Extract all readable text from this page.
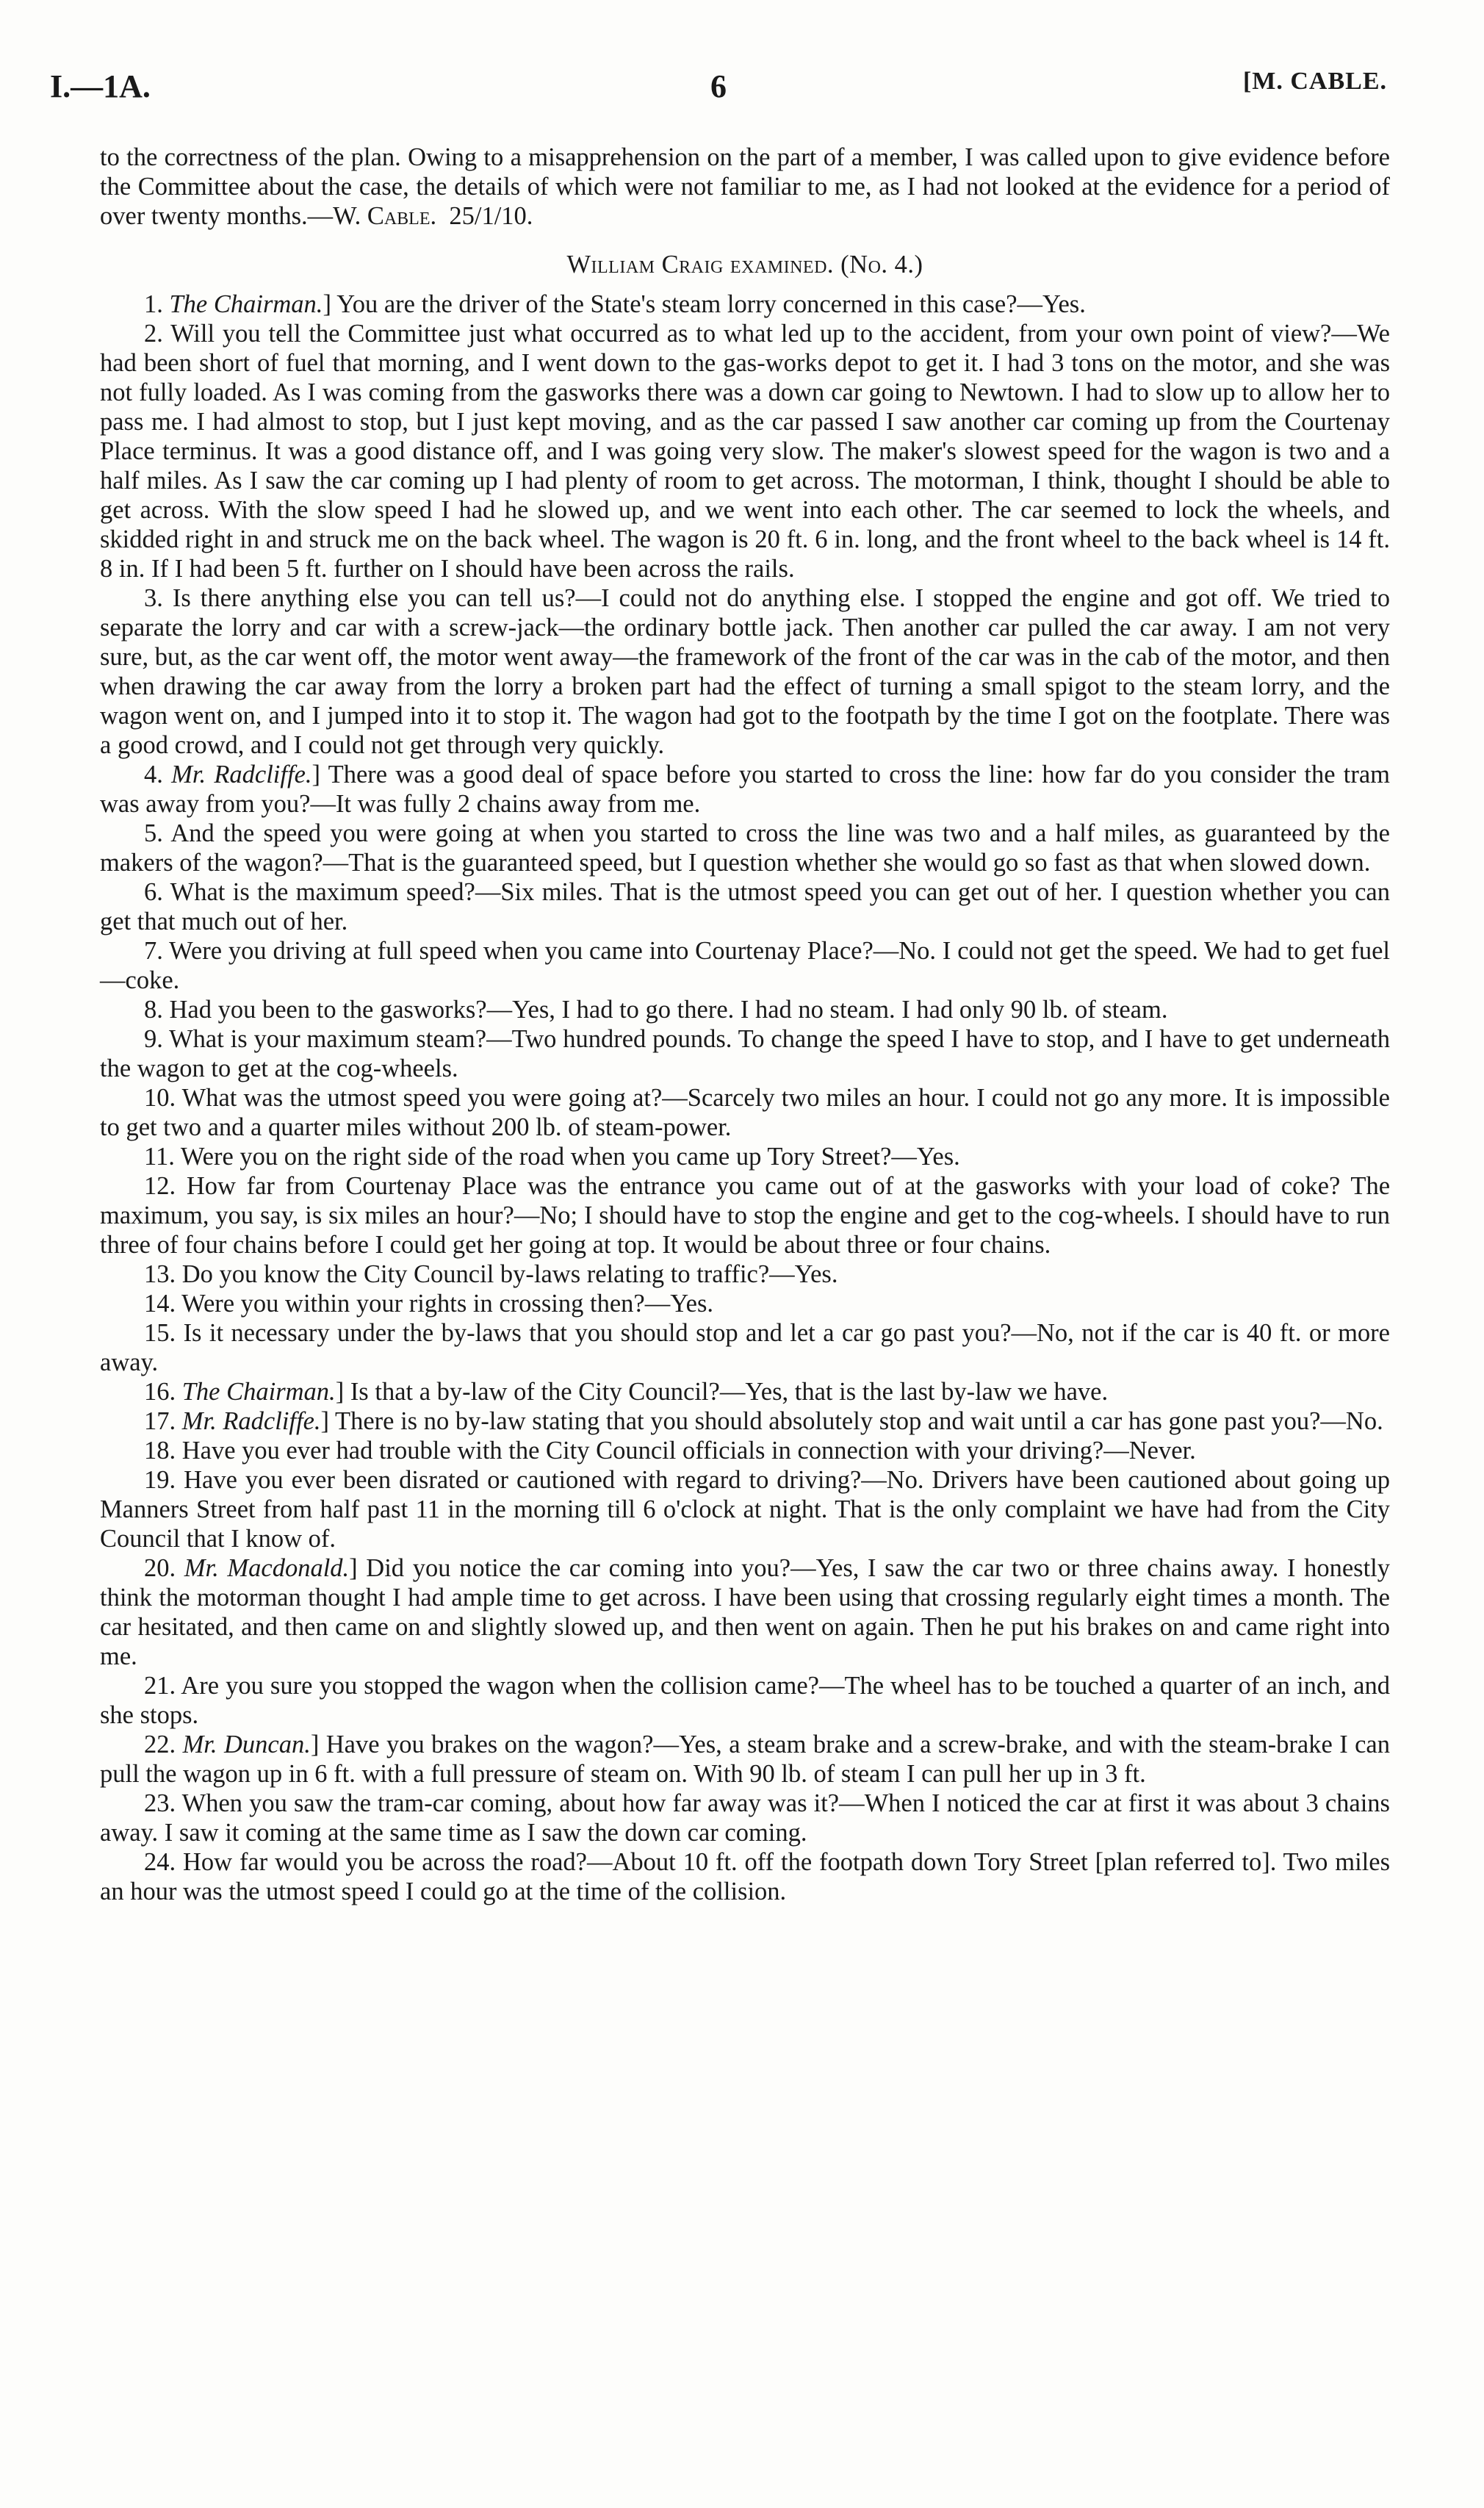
I.—1A.	6	[M. CABLE.

to the correctness of the plan. Owing to a misapprehension on the part of a member, I was called upon to give evidence before the Committee about the case, the details of which were not familiar to me, as I had not looked at the evidence for a period of over twenty months.—W. Cable. 25/1/10.

William Craig examined. (No. 4.)

1. The Chairman.] You are the driver of the State's steam lorry concerned in this case?—Yes.

2. Will you tell the Committee just what occurred as to what led up to the accident, from your own point of view?—We had been short of fuel that morning, and I went down to the gas-works depot to get it. I had 3 tons on the motor, and she was not fully loaded. As I was coming from the gasworks there was a down car going to Newtown. I had to slow up to allow her to pass me. I had almost to stop, but I just kept moving, and as the car passed I saw another car coming up from the Courtenay Place terminus. It was a good distance off, and I was going very slow. The maker's slowest speed for the wagon is two and a half miles. As I saw the car coming up I had plenty of room to get across. The motorman, I think, thought I should be able to get across. With the slow speed I had he slowed up, and we went into each other. The car seemed to lock the wheels, and skidded right in and struck me on the back wheel. The wagon is 20 ft. 6 in. long, and the front wheel to the back wheel is 14 ft. 8 in. If I had been 5 ft. further on I should have been across the rails.

3. Is there anything else you can tell us?—I could not do anything else. I stopped the engine and got off. We tried to separate the lorry and car with a screw-jack—the ordinary bottle jack. Then another car pulled the car away. I am not very sure, but, as the car went off, the motor went away—the framework of the front of the car was in the cab of the motor, and then when drawing the car away from the lorry a broken part had the effect of turning a small spigot to the steam lorry, and the wagon went on, and I jumped into it to stop it. The wagon had got to the footpath by the time I got on the footplate. There was a good crowd, and I could not get through very quickly.

4. Mr. Radcliffe.] There was a good deal of space before you started to cross the line: how far do you consider the tram was away from you?—It was fully 2 chains away from me.

5. And the speed you were going at when you started to cross the line was two and a half miles, as guaranteed by the makers of the wagon?—That is the guaranteed speed, but I question whether she would go so fast as that when slowed down.

6. What is the maximum speed?—Six miles. That is the utmost speed you can get out of her. I question whether you can get that much out of her.

7. Were you driving at full speed when you came into Courtenay Place?—No. I could not get the speed. We had to get fuel—coke.

8. Had you been to the gasworks?—Yes, I had to go there. I had no steam. I had only 90 lb. of steam.

9. What is your maximum steam?—Two hundred pounds. To change the speed I have to stop, and I have to get underneath the wagon to get at the cog-wheels.

10. What was the utmost speed you were going at?—Scarcely two miles an hour. I could not go any more. It is impossible to get two and a quarter miles without 200 lb. of steam-power.

11. Were you on the right side of the road when you came up Tory Street?—Yes.

12. How far from Courtenay Place was the entrance you came out of at the gasworks with your load of coke? The maximum, you say, is six miles an hour?—No; I should have to stop the engine and get to the cog-wheels. I should have to run three of four chains before I could get her going at top. It would be about three or four chains.

13. Do you know the City Council by-laws relating to traffic?—Yes.

14. Were you within your rights in crossing then?—Yes.

15. Is it necessary under the by-laws that you should stop and let a car go past you?—No, not if the car is 40 ft. or more away.

16. The Chairman.] Is that a by-law of the City Council?—Yes, that is the last by-law we have.

17. Mr. Radcliffe.] There is no by-law stating that you should absolutely stop and wait until a car has gone past you?—No.

18. Have you ever had trouble with the City Council officials in connection with your driving?—Never.

19. Have you ever been disrated or cautioned with regard to driving?—No. Drivers have been cautioned about going up Manners Street from half past 11 in the morning till 6 o'clock at night. That is the only complaint we have had from the City Council that I know of.

20. Mr. Macdonald.] Did you notice the car coming into you?—Yes, I saw the car two or three chains away. I honestly think the motorman thought I had ample time to get across. I have been using that crossing regularly eight times a month. The car hesitated, and then came on and slightly slowed up, and then went on again. Then he put his brakes on and came right into me.

21. Are you sure you stopped the wagon when the collision came?—The wheel has to be touched a quarter of an inch, and she stops.

22. Mr. Duncan.] Have you brakes on the wagon?—Yes, a steam brake and a screw-brake, and with the steam-brake I can pull the wagon up in 6 ft. with a full pressure of steam on. With 90 lb. of steam I can pull her up in 3 ft.

23. When you saw the tram-car coming, about how far away was it?—When I noticed the car at first it was about 3 chains away. I saw it coming at the same time as I saw the down car coming.

24. How far would you be across the road?—About 10 ft. off the footpath down Tory Street [plan referred to]. Two miles an hour was the utmost speed I could go at the time of the collision.
